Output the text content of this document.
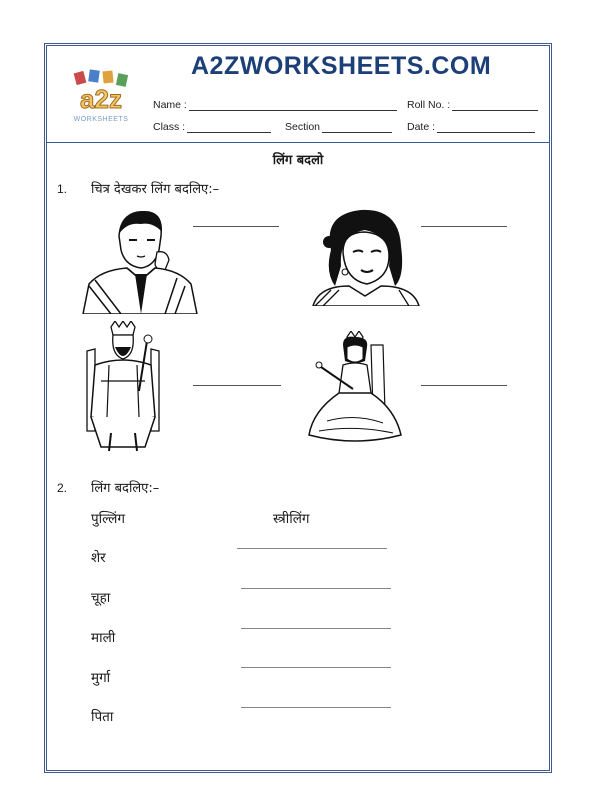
a2z
WORKSHEETS
A2ZWORKSHEETS.COM
Name :	Roll No. :
Class :	Section	Date :
लिंग बदलो
1. चित्र देखकर लिंग बदलिए:–
2. लिंग बदलिए:–
पुल्लिंग	स्त्रीलिंग
शेर
चूहा
माली
मुर्गा
पिता
